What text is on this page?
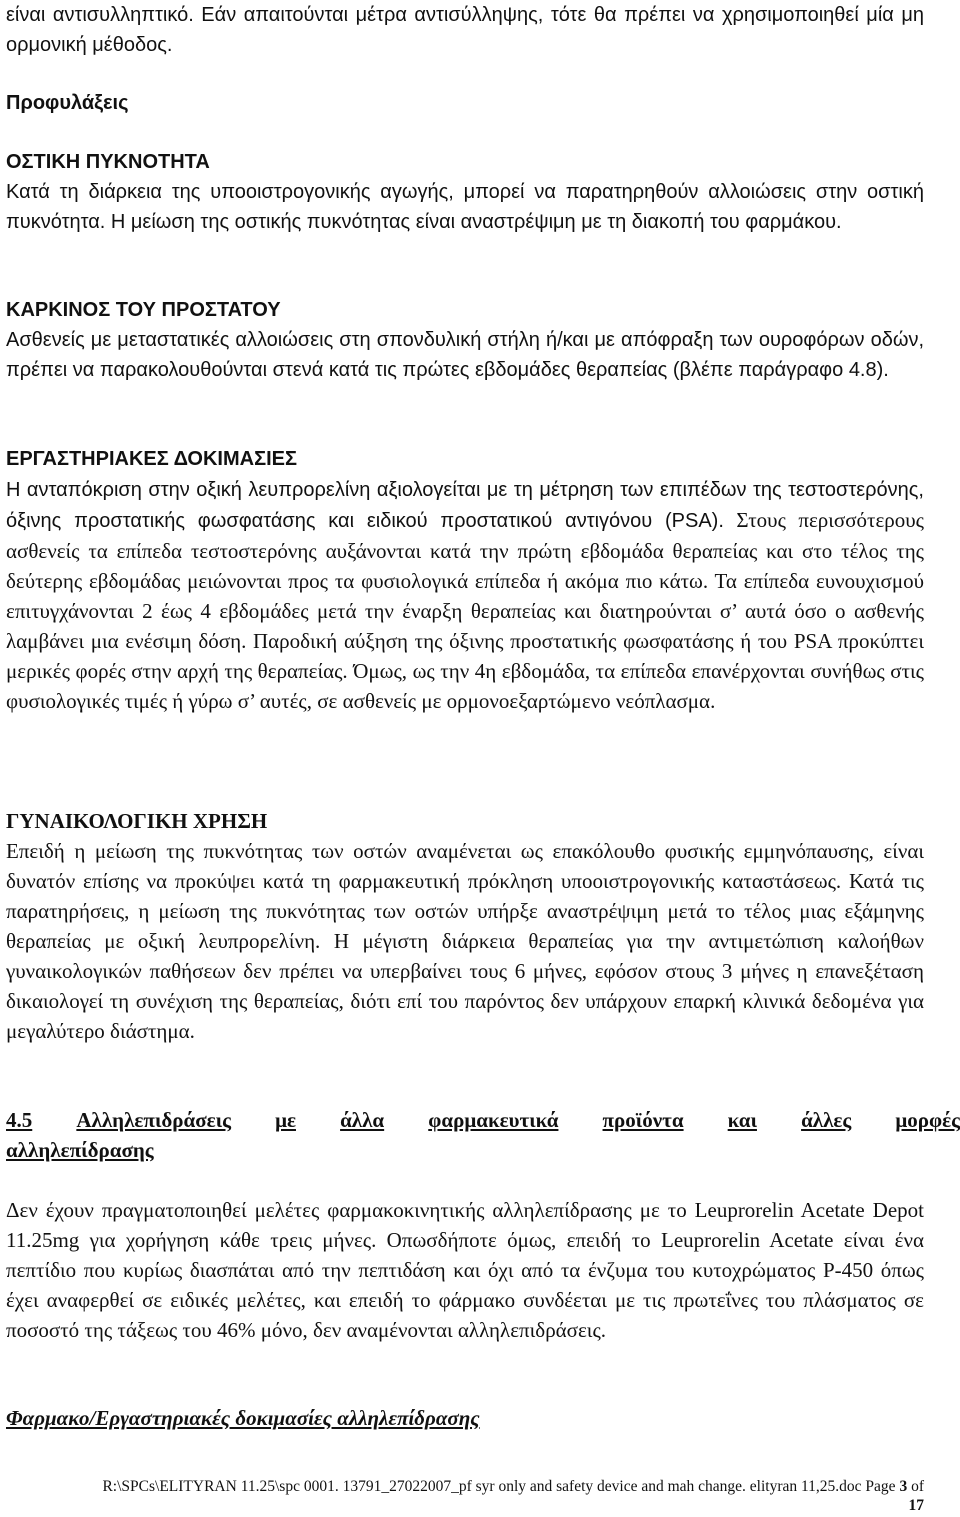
είναι αντισυλληπτικό. Εάν απαιτούνται μέτρα αντισύλληψης, τότε θα πρέπει να χρησιμοποιηθεί μία μη ορμονική μέθοδος.

Προφυλάξεις

ΟΣΤΙΚΗ ΠΥΚΝΟΤΗΤΑ

Κατά τη διάρκεια της υποοιστρογονικής αγωγής, μπορεί να παρατηρηθούν αλλοιώσεις στην οστική πυκνότητα. Η μείωση της οστικής πυκνότητας είναι αναστρέψιμη με τη διακοπή του φαρμάκου.

ΚΑΡΚΙΝΟΣ ΤΟΥ ΠΡΟΣΤΑΤΟΥ

Ασθενείς με μεταστατικές αλλοιώσεις στη σπονδυλική στήλη ή/και με απόφραξη των ουροφόρων οδών, πρέπει να παρακολουθούνται στενά κατά τις πρώτες εβδομάδες θεραπείας (βλέπε παράγραφο 4.8).

ΕΡΓΑΣΤΗΡΙΑΚΕΣ ΔΟΚΙΜΑΣΙΕΣ

Η ανταπόκριση στην οξική λευπρορελίνη αξιολογείται με τη μέτρηση των επιπέδων της τεστοστερόνης, όξινης προστατικής φωσφατάσης και ειδικού προστατικού αντιγόνου (PSA). Στους περισσότερους ασθενείς τα επίπεδα τεστοστερόνης αυξάνονται κατά την πρώτη εβδομάδα θεραπείας και στο τέλος της δεύτερης εβδομάδας μειώνονται προς τα φυσιολογικά επίπεδα ή ακόμα πιο κάτω. Τα επίπεδα ευνουχισμού επιτυγχάνονται 2 έως 4 εβδομάδες μετά την έναρξη θεραπείας και διατηρούνται σ’ αυτά όσο ο ασθενής λαμβάνει μια ενέσιμη δόση. Παροδική αύξηση της όξινης προστατικής φωσφατάσης ή του PSA προκύπτει μερικές φορές στην αρχή της θεραπείας. Όμως, ως την 4η εβδομάδα, τα επίπεδα επανέρχονται συνήθως στις φυσιολογικές τιμές ή γύρω σ’ αυτές, σε ασθενείς με ορμονοεξαρτώμενο νεόπλασμα.

ΓΥΝΑΙΚΟΛΟΓΙΚΗ ΧΡΗΣΗ

Επειδή η μείωση της πυκνότητας των οστών αναμένεται ως επακόλουθο φυσικής εμμηνόπαυσης, είναι δυνατόν επίσης να προκύψει κατά τη φαρμακευτική πρόκληση υποοιστρογονικής καταστάσεως. Κατά τις παρατηρήσεις, η μείωση της πυκνότητας των οστών υπήρξε αναστρέψιμη μετά το τέλος μιας εξάμηνης θεραπείας με οξική λευπρορελίνη. Η μέγιστη διάρκεια θεραπείας για την αντιμετώπιση καλοήθων γυναικολογικών παθήσεων δεν πρέπει να υπερβαίνει τους 6 μήνες, εφόσον στους 3 μήνες η επανεξέταση δικαιολογεί τη συνέχιση της θεραπείας, διότι επί του παρόντος δεν υπάρχουν επαρκή κλινικά δεδομένα για μεγαλύτερο διάστημα.

4.5 Αλληλεπιδράσεις με άλλα φαρμακευτικά προϊόντα και άλλες μορφές
αλληλεπίδρασης

Δεν έχουν πραγματοποιηθεί μελέτες φαρμακοκινητικής αλληλεπίδρασης με το Leuprorelin Acetate Depot 11.25mg για χορήγηση κάθε τρεις μήνες. Οπωσδήποτε όμως, επειδή το Leuprorelin Acetate είναι ένα πεπτίδιο που κυρίως διασπάται από την πεπτιδάση και όχι από τα ένζυμα του κυτοχρώματος P-450 όπως έχει αναφερθεί σε ειδικές μελέτες, και επειδή το φάρμακο συνδέεται με τις πρωτεΐνες του πλάσματος σε ποσοστό της τάξεως του 46% μόνο, δεν αναμένονται αλληλεπιδράσεις.

Φαρμακο/Εργαστηριακές δοκιμασίες αλληλεπίδρασης

R:\SPCs\ELITYRAN 11.25\spc 0001. 13791_27022007_pf syr only and safety device and mah change. elityran 11,25.doc Page 3 of
17
